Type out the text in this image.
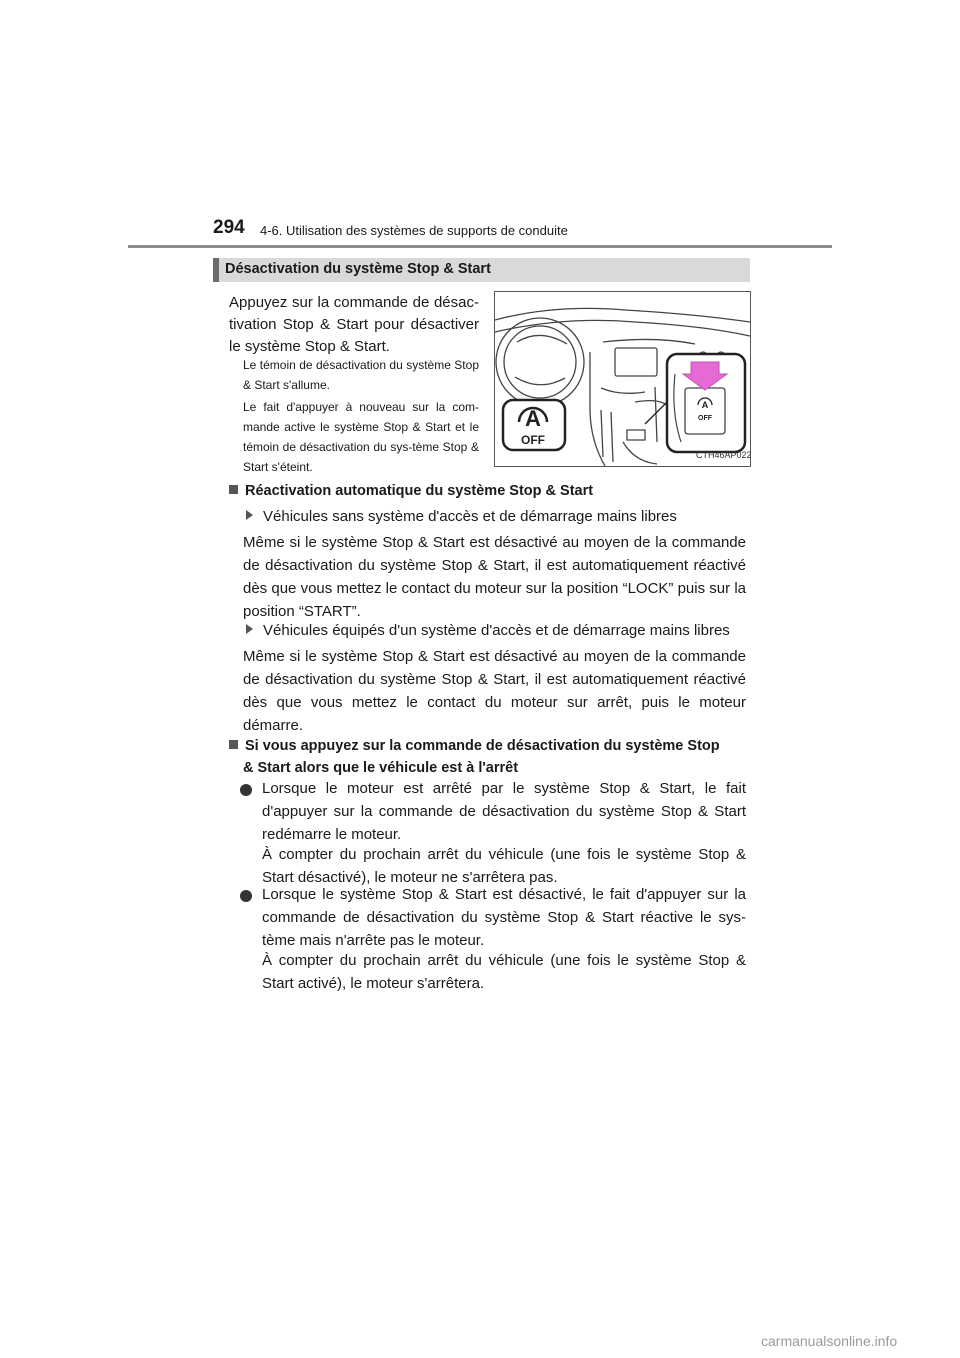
294 4-6. Utilisation des systèmes de supports de conduite
Désactivation du système Stop & Start
Appuyez sur la commande de désac-tivation Stop & Start pour désactiver le système Stop & Start.
Le témoin de désactivation du système Stop & Start s'allume.
Le fait d'appuyer à nouveau sur la com-mande active le système Stop & Start et le témoin de désactivation du sys-tème Stop & Start s'éteint.
A
OFF
A
OFF
CTH46AP022
Réactivation automatique du système Stop & Start
Véhicules sans système d'accès et de démarrage mains libres
Même si le système Stop & Start est désactivé au moyen de la commande de désactivation du système Stop & Start, il est automatiquement réactivé dès que vous mettez le contact du moteur sur la position “LOCK” puis sur la position “START”.
Véhicules équipés d'un système d'accès et de démarrage mains libres
Même si le système Stop & Start est désactivé au moyen de la commande de désactivation du système Stop & Start, il est automatiquement réactivé dès que vous mettez le contact du moteur sur arrêt, puis le moteur démarre.
Si vous appuyez sur la commande de désactivation du système Stop
& Start alors que le véhicule est à l'arrêt
Lorsque le moteur est arrêté par le système Stop & Start, le fait d'appuyer sur la commande de désactivation du système Stop & Start redémarre le moteur.
À compter du prochain arrêt du véhicule (une fois le système Stop & Start désactivé), le moteur ne s'arrêtera pas.
Lorsque le système Stop & Start est désactivé, le fait d'appuyer sur la commande de désactivation du système Stop & Start réactive le sys-tème mais n'arrête pas le moteur.
À compter du prochain arrêt du véhicule (une fois le système Stop & Start activé), le moteur s'arrêtera.
carmanualsonline.info
